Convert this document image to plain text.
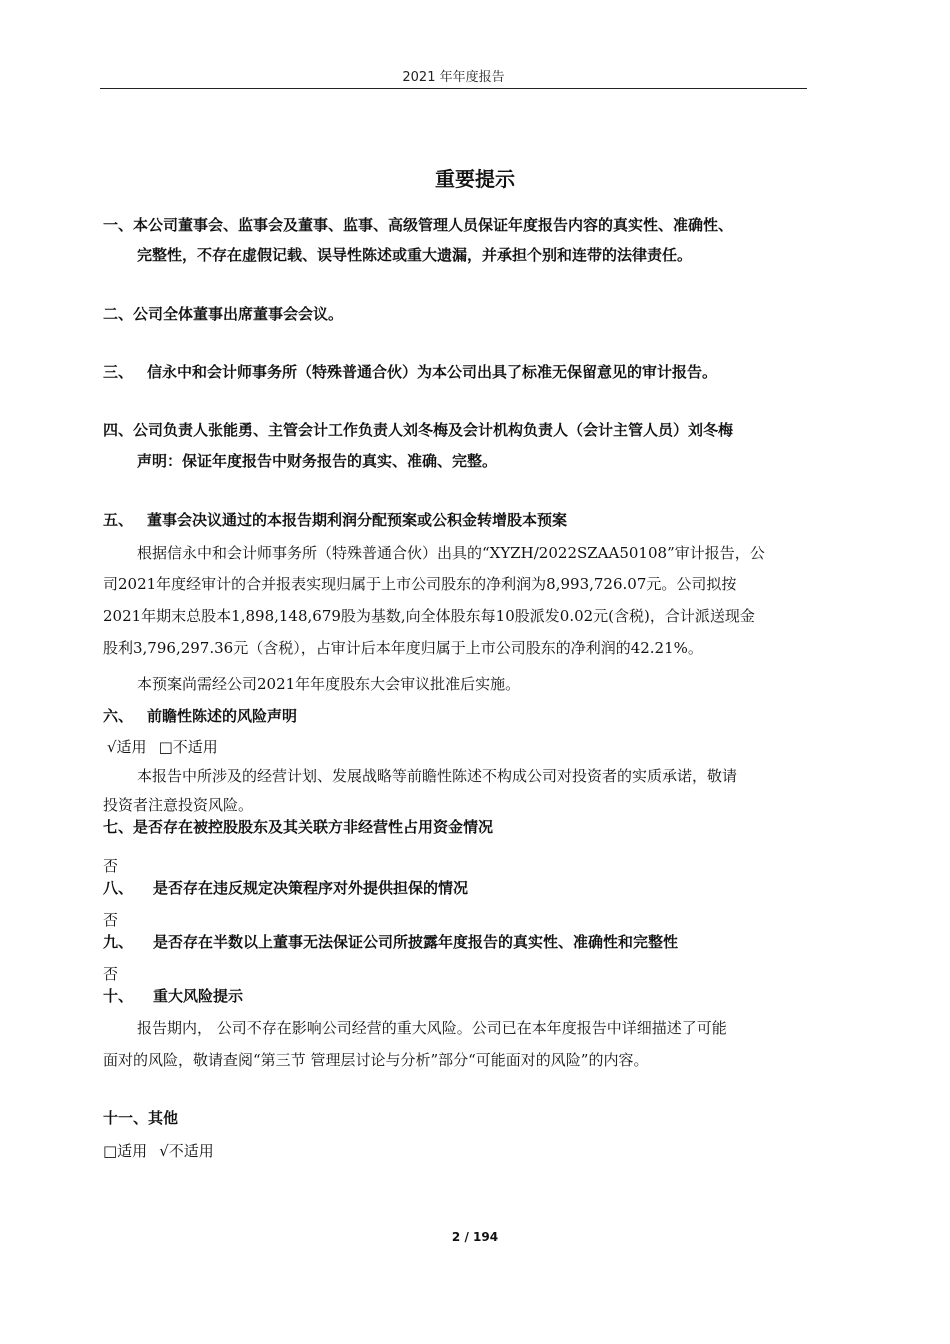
2021 年年度报告
重要提示
一、本公司董事会、监事会及董事、监事、高级管理人员保证年度报告内容的真实性、准确性、
完整性，不存在虚假记载、误导性陈述或重大遗漏，并承担个别和连带的法律责任。
二、公司全体董事出席董事会会议。
三、 信永中和会计师事务所（特殊普通合伙）为本公司出具了标准无保留意见的审计报告。
四、公司负责人张能勇、主管会计工作负责人刘冬梅及会计机构负责人（会计主管人员）刘冬梅
声明：保证年度报告中财务报告的真实、准确、完整。
五、 董事会决议通过的本报告期利润分配预案或公积金转增股本预案
根据信永中和会计师事务所（特殊普通合伙）出具的“XYZH/2022SZAA50108”审计报告，公
司2021年度经审计的合并报表实现归属于上市公司股东的净利润为8,993,726.07元。公司拟按
2021年期末总股本1,898,148,679股为基数,向全体股东每10股派发0.02元(含税)，合计派送现金
股利3,796,297.36元（含税），占审计后本年度归属于上市公司股东的净利润的42.21%。
本预案尚需经公司2021年年度股东大会审议批准后实施。
六、 前瞻性陈述的风险声明
√适用 □不适用
本报告中所涉及的经营计划、发展战略等前瞻性陈述不构成公司对投资者的实质承诺，敬请
投资者注意投资风险。
七、是否存在被控股股东及其关联方非经营性占用资金情况
否
八、 是否存在违反规定决策程序对外提供担保的情况
否
九、 是否存在半数以上董事无法保证公司所披露年度报告的真实性、准确性和完整性
否
十、 重大风险提示
报告期内， 公司不存在影响公司经营的重大风险。公司已在本年度报告中详细描述了可能
面对的风险，敬请查阅“第三节 管理层讨论与分析”部分“可能面对的风险”的内容。
十一、其他
□适用 √不适用
2 / 194
